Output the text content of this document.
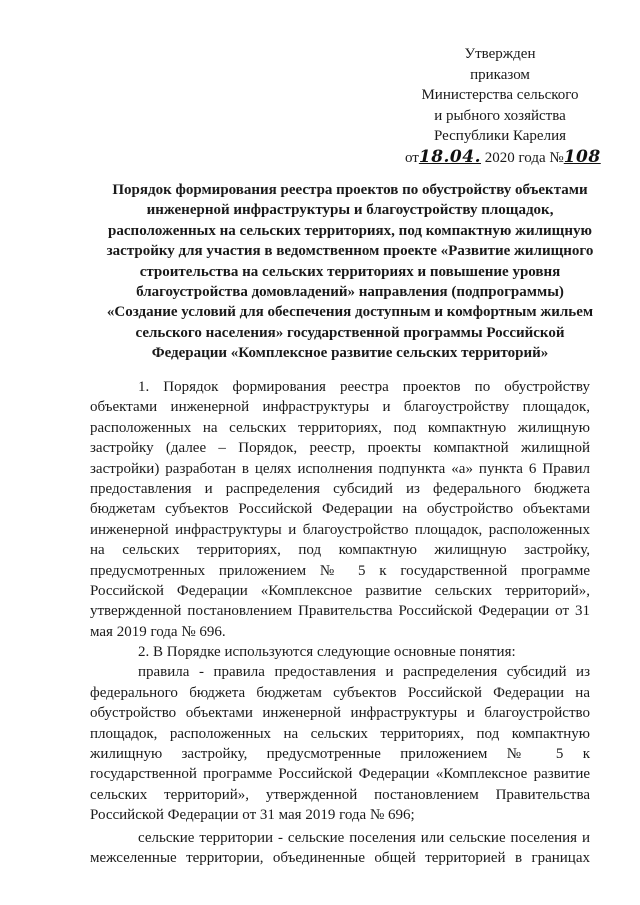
Утвержден
приказом
Министерства сельского
и рыбного хозяйства
Республики Карелия
от18.04. 2020 года №108
Порядок формирования реестра проектов по обустройству объектами
инженерной инфраструктуры и благоустройству площадок,
расположенных на сельских территориях, под компактную жилищную
застройку для участия в ведомственном проекте «Развитие жилищного
строительства на сельских территориях и повышение уровня
благоустройства домовладений» направления (подпрограммы)
«Создание условий для обеспечения доступным и комфортным жильем
сельского населения» государственной программы Российской
Федерации «Комплексное развитие сельских территорий»
1. Порядок формирования реестра проектов по обустройству
объектами инженерной инфраструктуры и благоустройству площадок,
расположенных на сельских территориях, под компактную жилищную
застройку (далее – Порядок, реестр, проекты компактной жилищной
застройки) разработан в целях исполнения подпункта «а» пункта 6 Правил
предоставления и распределения субсидий из федерального бюджета
бюджетам субъектов Российской Федерации на обустройство объектами
инженерной инфраструктуры и благоустройство площадок, расположенных
на сельских территориях, под компактную жилищную застройку,
предусмотренных приложением № 5 к государственной программе
Российской Федерации «Комплексное развитие сельских территорий»,
утвержденной постановлением Правительства Российской Федерации от 31
мая 2019 года № 696.
2. В Порядке используются следующие основные понятия:
правила - правила предоставления и распределения субсидий из
федерального бюджета бюджетам субъектов Российской Федерации на
обустройство объектами инженерной инфраструктуры и благоустройство
площадок, расположенных на сельских территориях, под компактную
жилищную застройку, предусмотренные приложением № 5 к
государственной программе Российской Федерации «Комплексное развитие
сельских территорий», утвержденной постановлением Правительства
Российской Федерации от 31 мая 2019 года № 696;
сельские территории - сельские поселения или сельские поселения и
межселенные территории, объединенные общей территорией в границах
